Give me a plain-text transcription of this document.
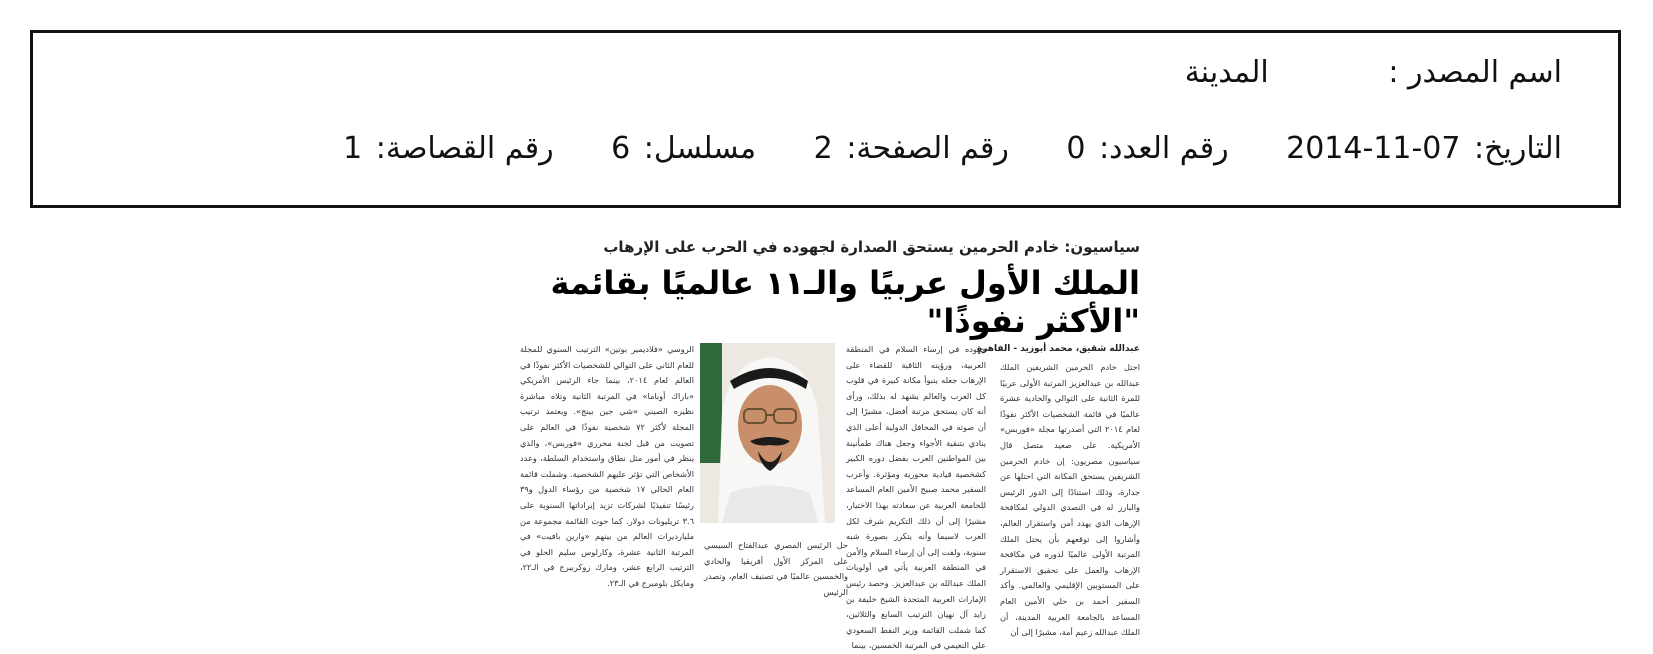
اسم المصدر : المدينة
التاريخ: 2014-11-07 رقم العدد: 0 رقم الصفحة: 2 مسلسل: 6 رقم القصاصة: 1
سياسيون: خادم الحرمين يستحق الصدارة لجهوده في الحرب على الإرهاب
الملك الأول عربيًا والـ١١ عالميًا بقائمة "الأكثر نفوذًا"
عبدالله شقيق، محمد أبوزيد - القاهرة
احتل خادم الحرمين الشريفين الملك عبدالله بن عبدالعزيز المرتبة الأولى عربيًا للمرة الثانية على التوالي والحادية عشرة عالميًا في قائمة الشخصيات الأكثر نفوذًا لعام ٢٠١٤ التي أصدرتها مجلة «فوربس» الأمريكية. على صعيد متصل قال سياسيون مصريون: إن خادم الحرمين الشريفين يستحق المكانة التي احتلها عن جدارة، وذلك استنادًا إلى الدور الرئيس والبارز له في التصدي الدولي لمكافحة الإرهاب الذي يهدد أمن واستقرار العالم، وأشاروا إلى توقعهم بأن يحتل الملك المرتبة الأولى عالميًا لدوره في مكافحة الإرهاب والعمل على تحقيق الاستقرار على المستويين الإقليمي والعالمي. وأكد السفير أحمد بن حلي الأمين العام المساعد بالجامعة العربية المدينة، أن الملك عبدالله زعيم أمة، مشيرًا إلى أن
جهوده في إرساء السلام في المنطقة العربية، ورؤيته الثاقبة للقضاء على الإرهاب جعله يتبوأ مكانة كبيرة في قلوب كل العرب والعالم يشهد له بذلك، ورأى أنه كان يستحق مرتبة أفضل، مشيرًا إلى أن صوته في المحافل الدولية أعلى الذي ينادي بتنقية الأجواء وجعل هناك طمأنينة بين المواطنين العرب بفضل دوره الكبير كشخصية قيادية محورية ومؤثرة. وأعرب السفير محمد صبيح الأمين العام المساعد للجامعة العربية عن سعادته بهذا الاختيار، مشيرًا إلى أن ذلك التكريم شرف لكل العرب لاسيما وأنه يتكرر بصورة شبه سنوية، ولفت إلى أن إرساء السلام والأمن في المنطقة العربية يأتي في أولويات الملك عبدالله بن عبدالعزيز. وحصد رئيس الإمارات العربية المتحدة الشيخ خليفة بن زايد آل نهيان الترتيب السابع والثلاثين، كما شملت القائمة وزير النفط السعودي علي النعيمي في المرتبة الخمسين، بينما
حل الرئيس المصري عبدالفتاح السيسي على المركز الأول أفريقيا والحادي والخمسين عالميًا في تصنيف العام، وتصدر الرئيس
الروسي «فلاديمير بوتين» الترتيب السنوي للمجلة للعام الثاني على التوالي للشخصيات الأكثر نفوذًا في العالم لعام ٢٠١٤، بينما جاء الرئيس الأمريكي «باراك أوباما» في المرتبة الثانية وتلاه مباشرة نظيره الصيني «شي جين بينج». ويعتمد ترتيب المجلة لأكثر ٧٢ شخصية نفوذًا في العالم على تصويت من قبل لجنة محرري «فوربس»، والذي ينظر في أمور مثل نطاق واستخدام السلطة، وعدد الأشخاص التي تؤثر عليهم الشخصية. وشملت قائمة العام الحالي ١٧ شخصية من رؤساء الدول و٣٩ رئيسًا تنفيذيًا لشركات تزيد إيراداتها السنوية على ٣.٦ تريليونات دولار. كما حوت القائمة مجموعة من مليارديرات العالم من بينهم «وارين بافيت» في المرتبة الثانية عشرة، وكارلوس سليم الحلو في الترتيب الرابع عشر، ومارك زوكربيرج في الـ٢٢، ومايكل بلومبرج في الـ٢٣.
